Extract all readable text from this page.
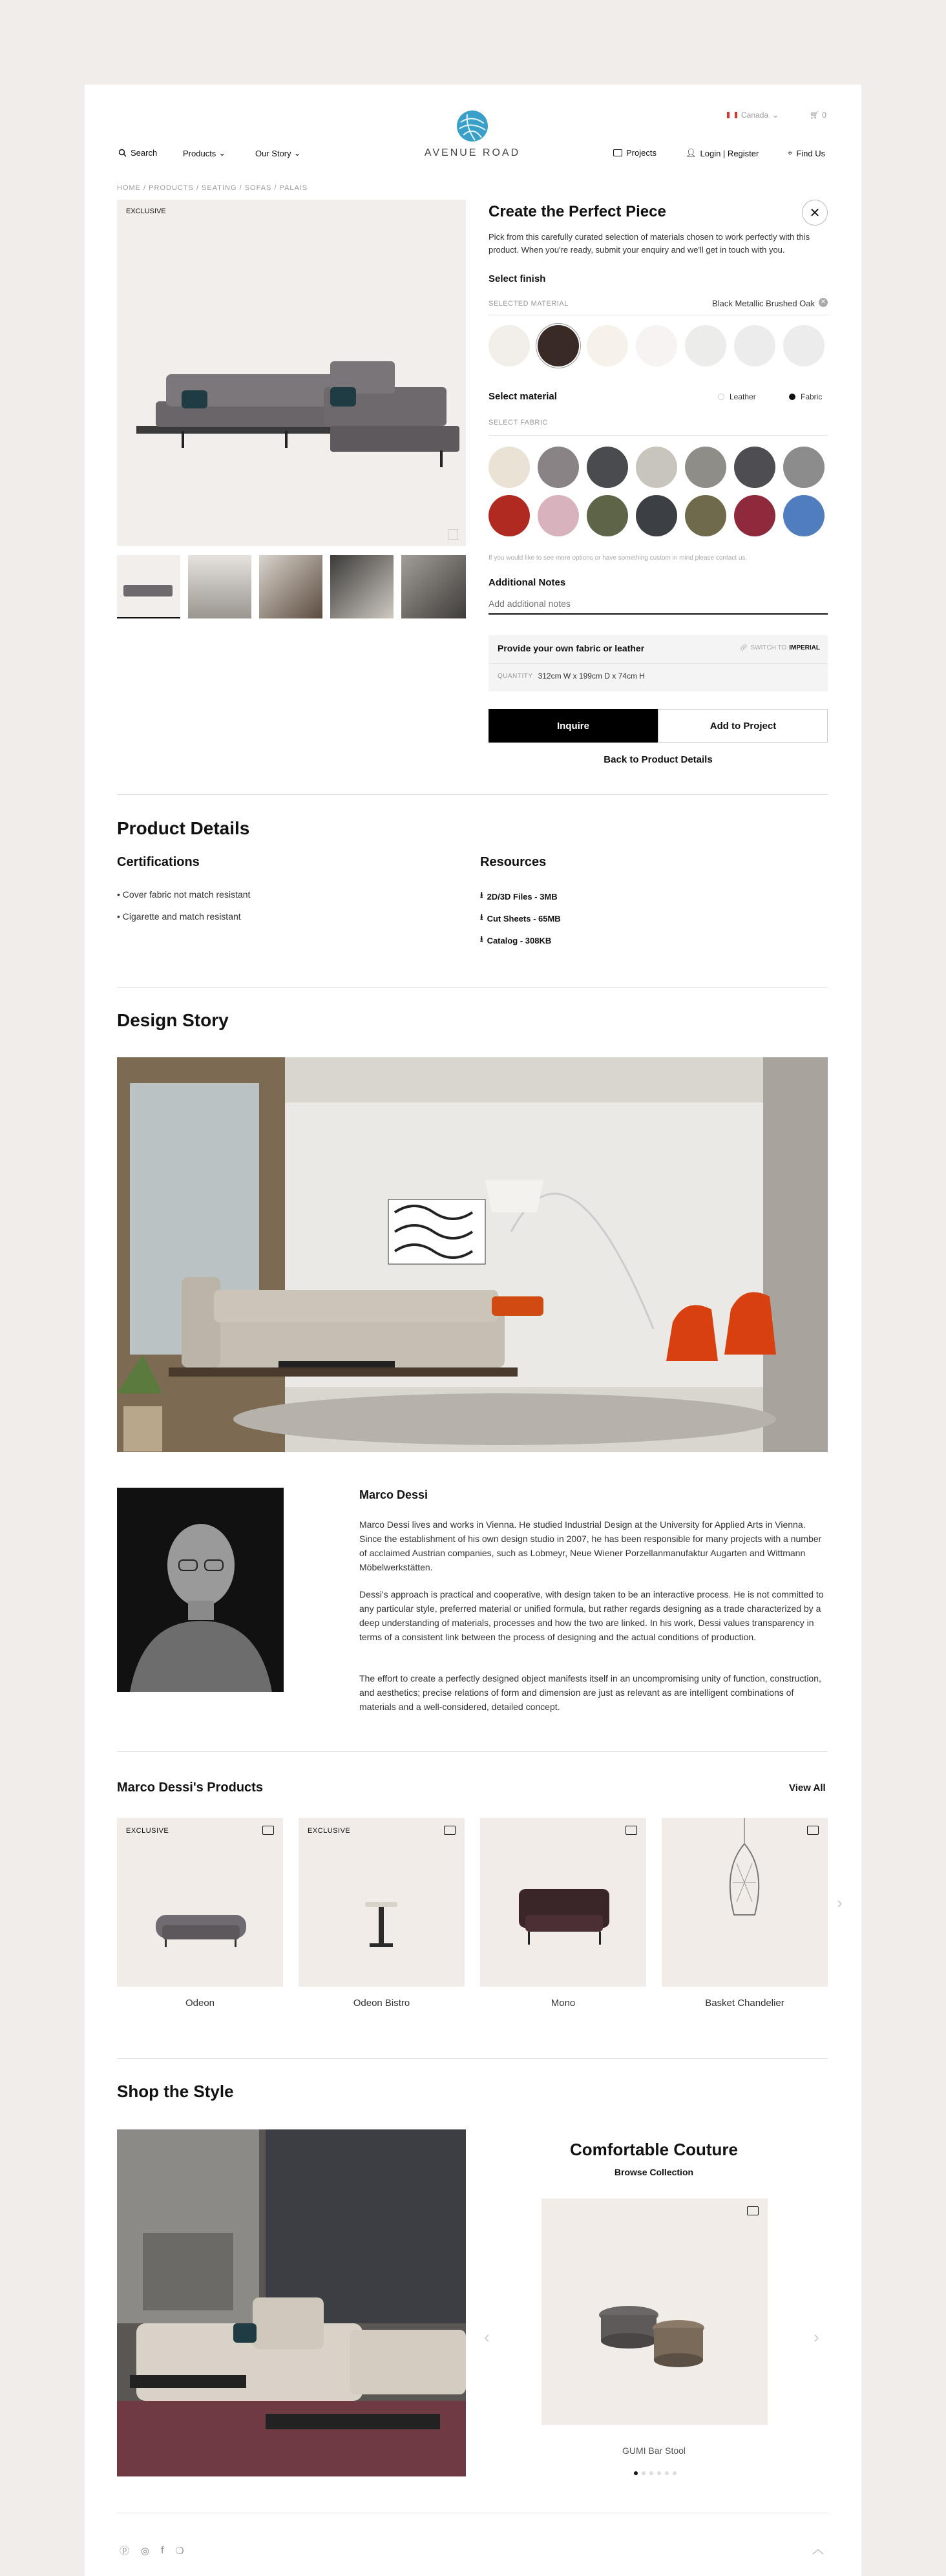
Canada ⌄	🛒︎ 0
Search	Products ⌄	Our Story ⌄	AVENUE ROAD	Projects	👤︎ Login | Register	⌖ Find Us
HOME / PRODUCTS / SEATING / SOFAS / PALAIS
EXCLUSIVE	Create the Perfect Piece	✕
Pick from this carefully curated selection of materials chosen to work perfectly with this product. When you're ready, submit your enquiry and we'll get in touch with you.
Select finish
SELECTED MATERIAL	Black Metallic Brushed Oak ✕
Select material	Leather	Fabric
SELECT FABRIC
If you would like to see more options or have something custom in mind please contact us.
Additional Notes
Add additional notes
Provide your own fabric or leather	🔗︎ SWITCH TO IMPERIAL
QUANTITY 312cm W x 199cm D x 74cm H
Inquire	Add to Project
Back to Product Details
Product Details
Certifications
• Cover fabric not match resistant
• Cigarette and match resistant
Resources
⭳ 2D/3D Files - 3MB
⭳ Cut Sheets - 65MB
⭳ Catalog - 308KB
Design Story
Marco Dessi
Marco Dessi lives and works in Vienna. He studied Industrial Design at the University for Applied Arts in Vienna. Since the establishment of his own design studio in 2007, he has been responsible for many projects with a number of acclaimed Austrian companies, such as Lobmeyr, Neue Wiener Porzellanmanufaktur Augarten and Wittmann Möbelwerkstätten.
Dessi's approach is practical and cooperative, with design taken to be an interactive process. He is not committed to any particular style, preferred material or unified formula, but rather regards designing as a trade characterized by a deep understanding of materials, processes and how the two are linked. In his work, Dessi values transparency in terms of a consistent link between the process of designing and the actual conditions of production.
The effort to create a perfectly designed object manifests itself in an uncompromising unity of function, construction, and aesthetics; precise relations of form and dimension are just as relevant as are intelligent combinations of materials and a well-considered, detailed concept.
Marco Dessi's Products	View All
EXCLUSIVE
Odeon
EXCLUSIVE
Odeon Bistro	Mono	Basket Chandelier
›
Shop the Style
Comfortable Couture
Browse Collection
‹	›
GUMI Bar Stool
ⓟ ◎ f ❍	︿
